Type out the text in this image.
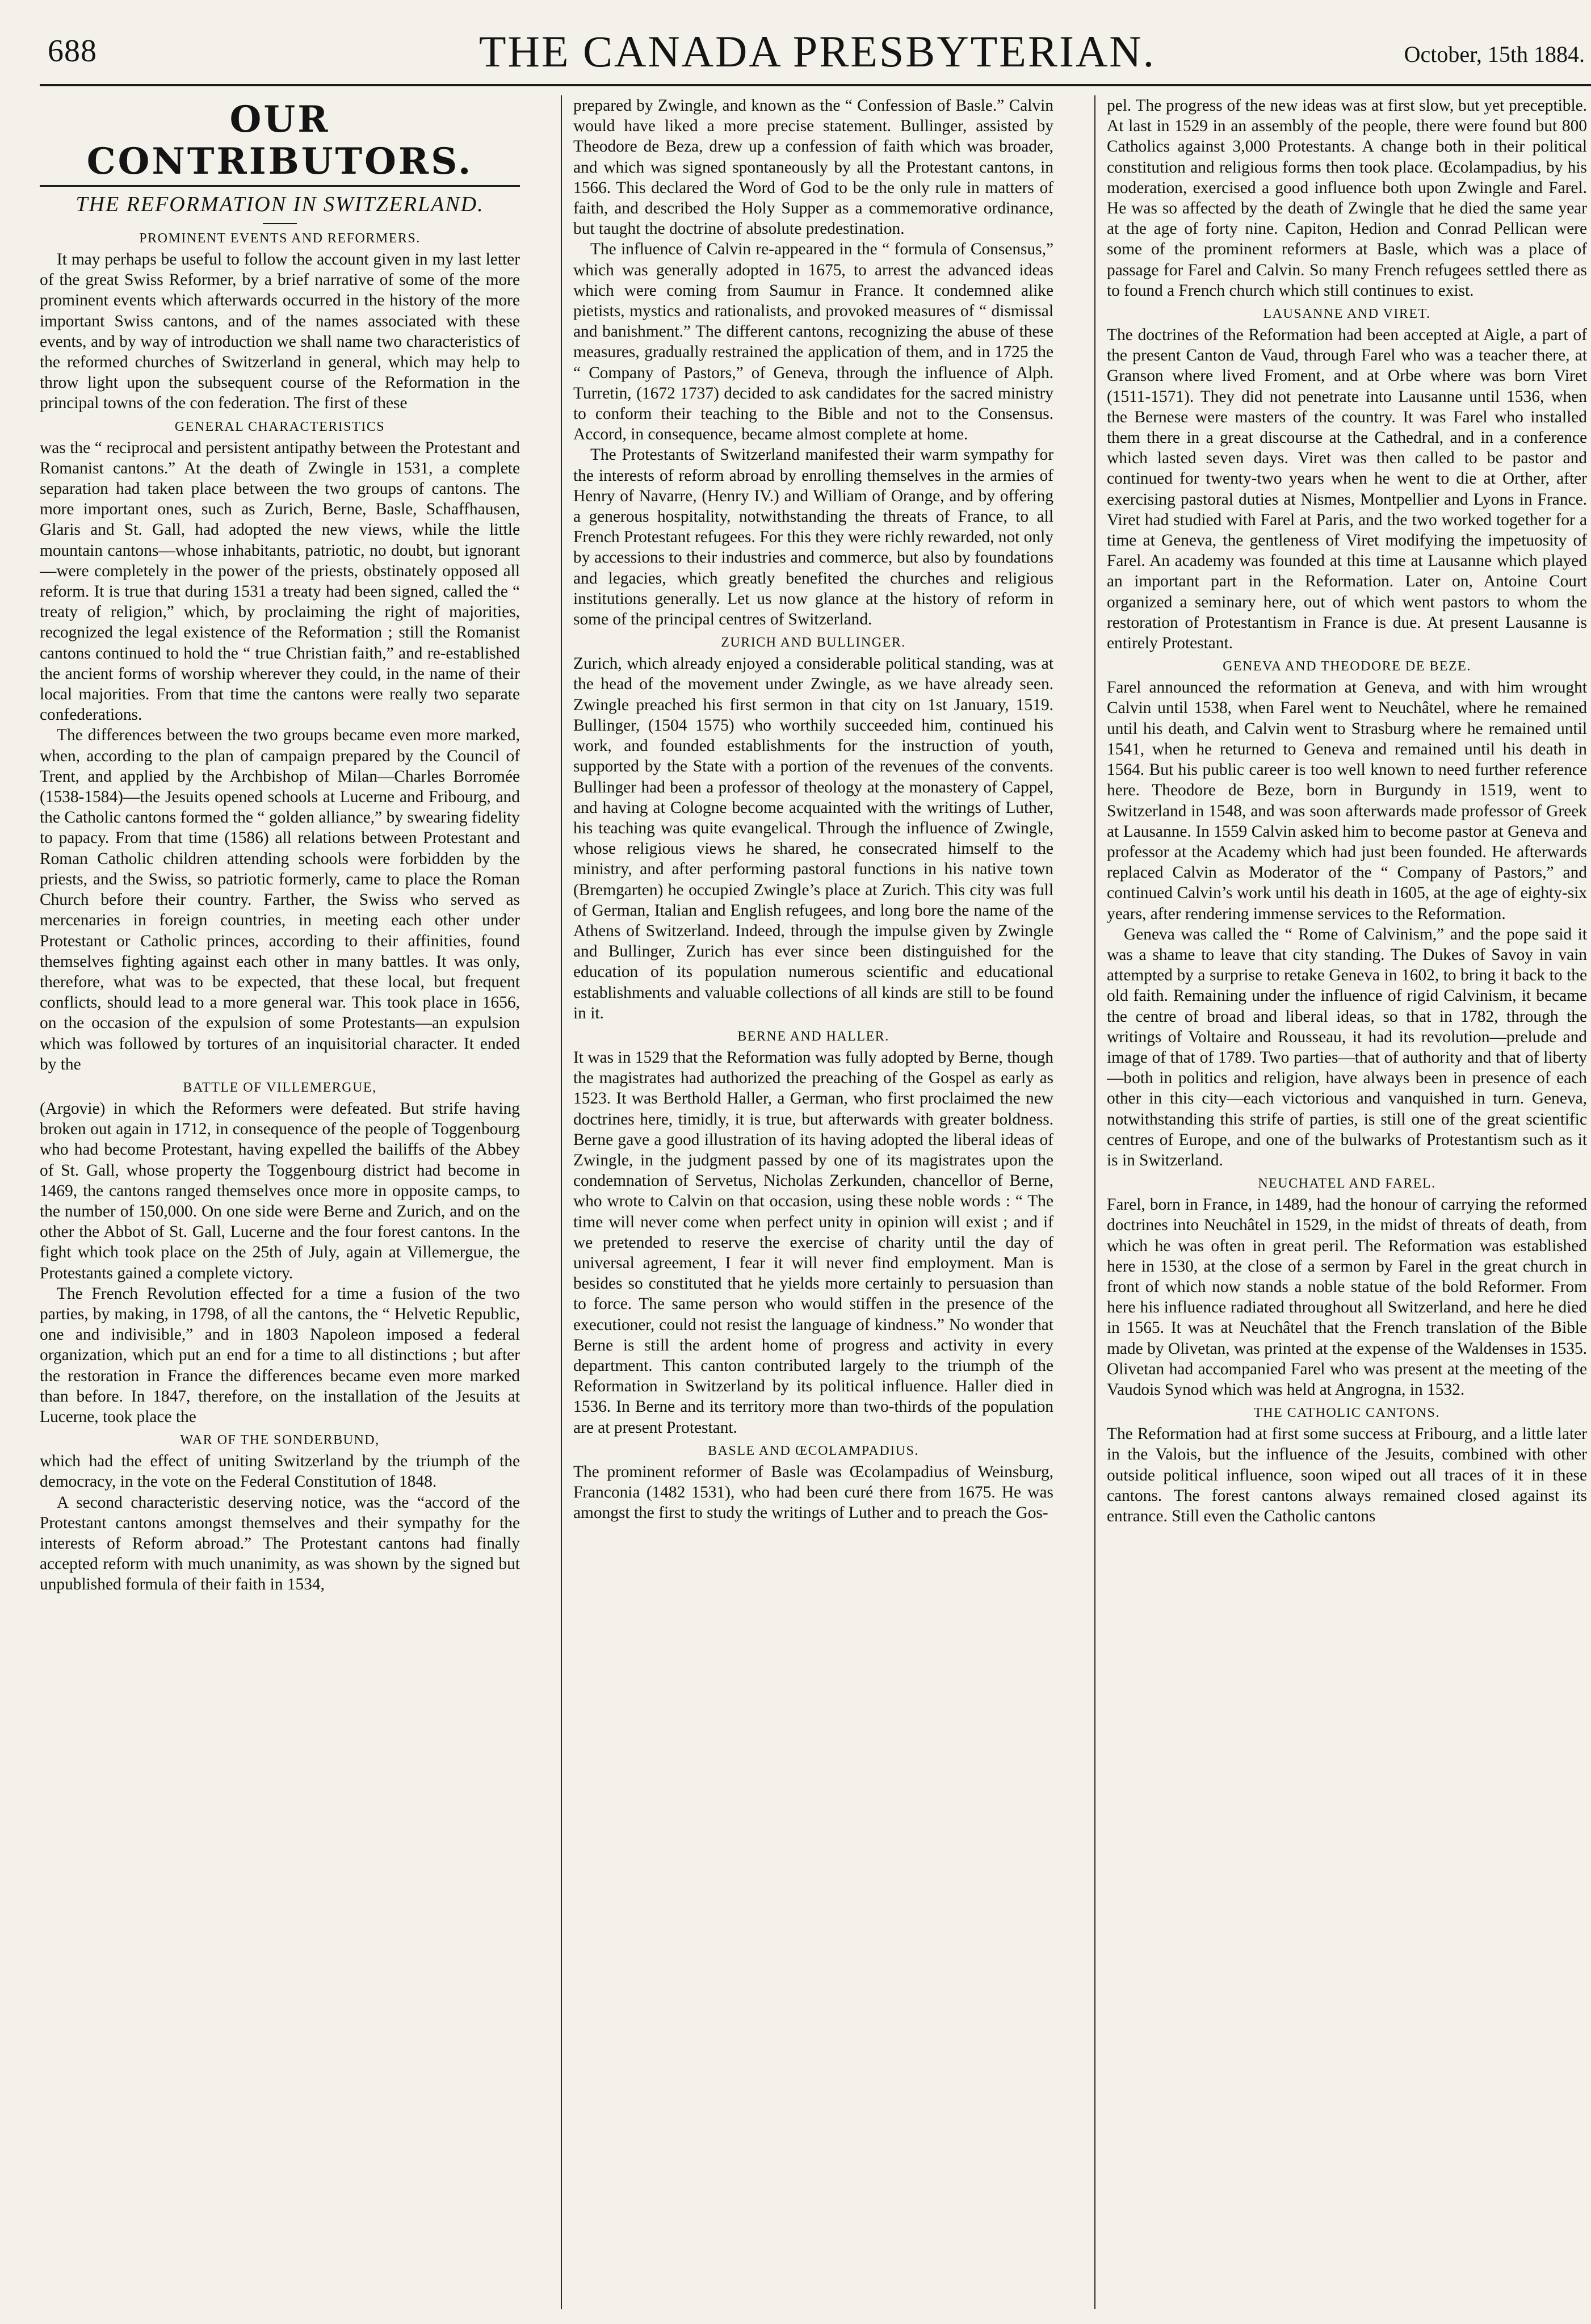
688	THE CANADA PRESBYTERIAN.	October, 15th 1884.
OUR CONTRIBUTORS.
THE REFORMATION IN SWITZERLAND.
PROMINENT EVENTS AND REFORMERS.

It may perhaps be useful to follow the account given in my last letter of the great Swiss Reformer, by a brief narrative of some of the more prominent events which afterwards occurred in the history of the more important Swiss cantons, and of the names associated with these events, and by way of introduction we shall name two characteristics of the reformed churches of Switzerland in general, which may help to throw light upon the subsequent course of the Reformation in the principal towns of the con federation. The first of these

GENERAL CHARACTERISTICS

was the “ reciprocal and persistent antipathy between the Protestant and Romanist cantons.” At the death of Zwingle in 1531, a complete separation had taken place between the two groups of cantons. The more important ones, such as Zurich, Berne, Basle, Schaffhausen, Glaris and St. Gall, had adopted the new views, while the little mountain cantons—whose inhabitants, patriotic, no doubt, but ignorant—were completely in the power of the priests, obstinately opposed all reform. It is true that during 1531 a treaty had been signed, called the “ treaty of religion,” which, by proclaiming the right of majorities, recognized the legal existence of the Reformation ; still the Romanist cantons continued to hold the “ true Christian faith,” and re-established the ancient forms of worship wherever they could, in the name of their local majorities. From that time the cantons were really two separate confederations.

The differences between the two groups became even more marked, when, according to the plan of campaign prepared by the Council of Trent, and applied by the Archbishop of Milan—Charles Borromée (1538-1584)—the Jesuits opened schools at Lucerne and Fribourg, and the Catholic cantons formed the “ golden alliance,” by swearing fidelity to papacy. From that time (1586) all relations between Protestant and Roman Catholic children attending schools were forbidden by the priests, and the Swiss, so patriotic formerly, came to place the Roman Church before their country. Farther, the Swiss who served as mercenaries in foreign countries, in meeting each other under Protestant or Catholic princes, according to their affinities, found themselves fighting against each other in many battles. It was only, therefore, what was to be expected, that these local, but frequent conflicts, should lead to a more general war. This took place in 1656, on the occasion of the expulsion of some Protestants—an expulsion which was followed by tortures of an inquisitorial character. It ended by the

BATTLE OF VILLEMERGUE,

(Argovie) in which the Reformers were defeated. But strife having broken out again in 1712, in consequence of the people of Toggenbourg who had become Protestant, having expelled the bailiffs of the Abbey of St. Gall, whose property the Toggenbourg district had become in 1469, the cantons ranged themselves once more in opposite camps, to the number of 150,000. On one side were Berne and Zurich, and on the other the Abbot of St. Gall, Lucerne and the four forest cantons. In the fight which took place on the 25th of July, again at Villemergue, the Protestants gained a complete victory.

The French Revolution effected for a time a fusion of the two parties, by making, in 1798, of all the cantons, the “ Helvetic Republic, one and indivisible,” and in 1803 Napoleon imposed a federal organization, which put an end for a time to all distinctions ; but after the restoration in France the differences became even more marked than before. In 1847, therefore, on the installation of the Jesuits at Lucerne, took place the

WAR OF THE SONDERBUND,

which had the effect of uniting Switzerland by the triumph of the democracy, in the vote on the Federal Constitution of 1848.

A second characteristic deserving notice, was the “accord of the Protestant cantons amongst themselves and their sympathy for the interests of Reform abroad.” The Protestant cantons had finally accepted reform with much unanimity, as was shown by the signed but unpublished formula of their faith in 1534,

prepared by Zwingle, and known as the “ Confession of Basle.” Calvin would have liked a more precise statement. Bullinger, assisted by Theodore de Beza, drew up a confession of faith which was broader, and which was signed spontaneously by all the Protestant cantons, in 1566. This declared the Word of God to be the only rule in matters of faith, and described the Holy Supper as a commemorative ordinance, but taught the doctrine of absolute predestination.

The influence of Calvin re-appeared in the “ formula of Consensus,” which was generally adopted in 1675, to arrest the advanced ideas which were coming from Saumur in France. It condemned alike pietists, mystics and rationalists, and provoked measures of “ dismissal and banishment.” The different cantons, recognizing the abuse of these measures, gradually restrained the application of them, and in 1725 the “ Company of Pastors,” of Geneva, through the influence of Alph. Turretin, (1672 1737) decided to ask candidates for the sacred ministry to conform their teaching to the Bible and not to the Consensus. Accord, in consequence, became almost complete at home.

The Protestants of Switzerland manifested their warm sympathy for the interests of reform abroad by enrolling themselves in the armies of Henry of Navarre, (Henry IV.) and William of Orange, and by offering a generous hospitality, notwithstanding the threats of France, to all French Protestant refugees. For this they were richly rewarded, not only by accessions to their industries and commerce, but also by foundations and legacies, which greatly benefited the churches and religious institutions generally. Let us now glance at the history of reform in some of the principal centres of Switzerland.

ZURICH AND BULLINGER.

Zurich, which already enjoyed a considerable political standing, was at the head of the movement under Zwingle, as we have already seen. Zwingle preached his first sermon in that city on 1st January, 1519. Bullinger, (1504 1575) who worthily succeeded him, continued his work, and founded establishments for the instruction of youth, supported by the State with a portion of the revenues of the convents. Bullinger had been a professor of theology at the monastery of Cappel, and having at Cologne become acquainted with the writings of Luther, his teaching was quite evangelical. Through the influence of Zwingle, whose religious views he shared, he consecrated himself to the ministry, and after performing pastoral functions in his native town (Bremgarten) he occupied Zwingle’s place at Zurich. This city was full of German, Italian and English refugees, and long bore the name of the Athens of Switzerland. Indeed, through the impulse given by Zwingle and Bullinger, Zurich has ever since been distinguished for the education of its population numerous scientific and educational establishments and valuable collections of all kinds are still to be found in it.

BERNE AND HALLER.

It was in 1529 that the Reformation was fully adopted by Berne, though the magistrates had authorized the preaching of the Gospel as early as 1523. It was Berthold Haller, a German, who first proclaimed the new doctrines here, timidly, it is true, but afterwards with greater boldness. Berne gave a good illustration of its having adopted the liberal ideas of Zwingle, in the judgment passed by one of its magistrates upon the condemnation of Servetus, Nicholas Zerkunden, chancellor of Berne, who wrote to Calvin on that occasion, using these noble words : “ The time will never come when perfect unity in opinion will exist ; and if we pretended to reserve the exercise of charity until the day of universal agreement, I fear it will never find employment. Man is besides so constituted that he yields more certainly to persuasion than to force. The same person who would stiffen in the presence of the executioner, could not resist the language of kindness.” No wonder that Berne is still the ardent home of progress and activity in every department. This canton contributed largely to the triumph of the Reformation in Switzerland by its political influence. Haller died in 1536. In Berne and its territory more than two-thirds of the population are at present Protestant.

BASLE AND ŒCOLAMPADIUS.

The prominent reformer of Basle was Œcolampadius of Weinsburg, Franconia (1482 1531), who had been curé there from 1675. He was amongst the first to study the writings of Luther and to preach the Gos-

pel. The progress of the new ideas was at first slow, but yet preceptible. At last in 1529 in an assembly of the people, there were found but 800 Catholics against 3,000 Protestants. A change both in their political constitution and religious forms then took place. Œcolampadius, by his moderation, exercised a good influence both upon Zwingle and Farel. He was so affected by the death of Zwingle that he died the same year at the age of forty nine. Capiton, Hedion and Conrad Pellican were some of the prominent reformers at Basle, which was a place of passage for Farel and Calvin. So many French refugees settled there as to found a French church which still continues to exist.

LAUSANNE AND VIRET.

The doctrines of the Reformation had been accepted at Aigle, a part of the present Canton de Vaud, through Farel who was a teacher there, at Granson where lived Froment, and at Orbe where was born Viret (1511-1571). They did not penetrate into Lausanne until 1536, when the Bernese were masters of the country. It was Farel who installed them there in a great discourse at the Cathedral, and in a conference which lasted seven days. Viret was then called to be pastor and continued for twenty-two years when he went to die at Orther, after exercising pastoral duties at Nismes, Montpellier and Lyons in France. Viret had studied with Farel at Paris, and the two worked together for a time at Geneva, the gentleness of Viret modifying the impetuosity of Farel. An academy was founded at this time at Lausanne which played an important part in the Reformation. Later on, Antoine Court organized a seminary here, out of which went pastors to whom the restoration of Protestantism in France is due. At present Lausanne is entirely Protestant.

GENEVA AND THEODORE DE BEZE.

Farel announced the reformation at Geneva, and with him wrought Calvin until 1538, when Farel went to Neuchâtel, where he remained until his death, and Calvin went to Strasburg where he remained until 1541, when he returned to Geneva and remained until his death in 1564. But his public career is too well known to need further reference here. Theodore de Beze, born in Burgundy in 1519, went to Switzerland in 1548, and was soon afterwards made professor of Greek at Lausanne. In 1559 Calvin asked him to become pastor at Geneva and professor at the Academy which had just been founded. He afterwards replaced Calvin as Moderator of the “ Company of Pastors,” and continued Calvin’s work until his death in 1605, at the age of eighty-six years, after rendering immense services to the Reformation.

Geneva was called the “ Rome of Calvinism,” and the pope said it was a shame to leave that city standing. The Dukes of Savoy in vain attempted by a surprise to retake Geneva in 1602, to bring it back to the old faith. Remaining under the influence of rigid Calvinism, it became the centre of broad and liberal ideas, so that in 1782, through the writings of Voltaire and Rousseau, it had its revolution—prelude and image of that of 1789. Two parties—that of authority and that of liberty—both in politics and religion, have always been in presence of each other in this city—each victorious and vanquished in turn. Geneva, notwithstanding this strife of parties, is still one of the great scientific centres of Europe, and one of the bulwarks of Protestantism such as it is in Switzerland.

NEUCHATEL AND FAREL.

Farel, born in France, in 1489, had the honour of carrying the reformed doctrines into Neuchâtel in 1529, in the midst of threats of death, from which he was often in great peril. The Reformation was established here in 1530, at the close of a sermon by Farel in the great church in front of which now stands a noble statue of the bold Reformer. From here his influence radiated throughout all Switzerland, and here he died in 1565. It was at Neuchâtel that the French translation of the Bible made by Olivetan, was printed at the expense of the Waldenses in 1535. Olivetan had accompanied Farel who was present at the meeting of the Vaudois Synod which was held at Angrogna, in 1532.

THE CATHOLIC CANTONS.

The Reformation had at first some success at Fribourg, and a little later in the Valois, but the influence of the Jesuits, combined with other outside political influence, soon wiped out all traces of it in these cantons. The forest cantons always remained closed against its entrance. Still even the Catholic cantons
